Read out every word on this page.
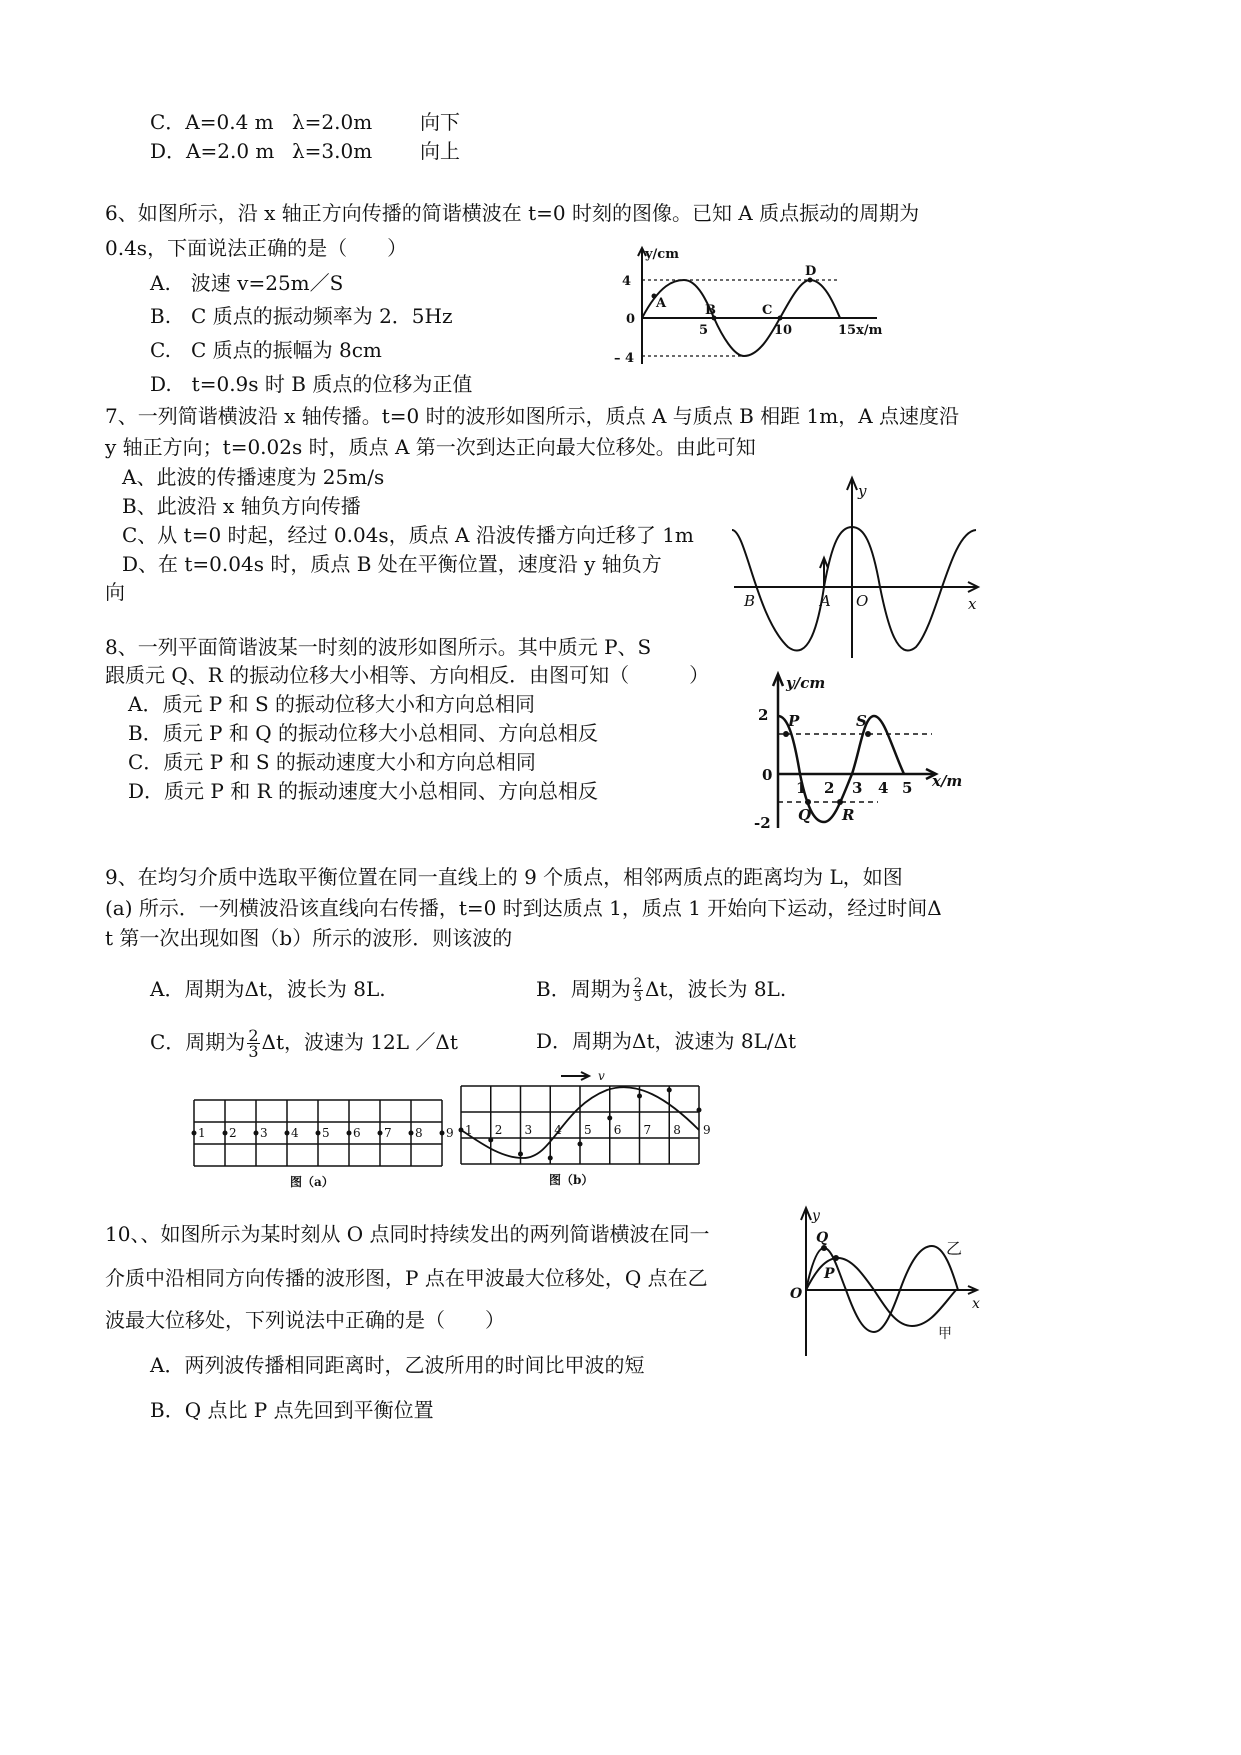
C．A=0.4 m λ=2.0m 向下
D．A=2.0 m λ=3.0m 向上
6、如图所示，沿 x 轴正方向传播的简谐横波在 t=0 时刻的图像。已知 A 质点振动的周期为
0.4s，下面说法正确的是（　　）
A.　波速 v=25m／S
B.　C 质点的振动频率为 2．5Hz
C.　C 质点的振幅为 8cm
D.　t=0.9s 时 B 质点的位移为正值
y/cm
4
0
– 4
5	10	15x/m
A	B	C
D
7、一列简谐横波沿 x 轴传播。t=0 时的波形如图所示，质点 A 与质点 B 相距 1m，A 点速度沿
y 轴正方向；t=0.02s 时，质点 A 第一次到达正向最大位移处。由此可知
A、此波的传播速度为 25m/s
B、此波沿 x 轴负方向传播
C、从 t=0 时起，经过 0.04s，质点 A 沿波传播方向迁移了 1m
D、在 t=0.04s 时，质点 B 处在平衡位置，速度沿 y 轴负方
向
y
x
B	A O
8、一列平面简谐波某一时刻的波形如图所示。其中质元 P、S
跟质元 Q、R 的振动位移大小相等、方向相反．由图可知（　　　）
A．质元 P 和 S 的振动位移大小和方向总相同
B．质元 P 和 Q 的振动位移大小总相同、方向总相反
C．质元 P 和 S 的振动速度大小和方向总相同
D．质元 P 和 R 的振动速度大小总相同、方向总相反
y/cm
x/m
2
0
-2
1 2 3 4 5
P	S
Q R
9、在均匀介质中选取平衡位置在同一直线上的 9 个质点，相邻两质点的距离均为 L，如图
(a) 所示．一列横波沿该直线向右传播，t=0 时到达质点 1，质点 1 开始向下运动，经过时间Δ
t 第一次出现如图（b）所示的波形．则该波的
A．周期为Δt，波长为 8L.	B．周期为 $\frac{2}{3}$ Δt，波长为 8L.
C．周期为 $\frac{2}{3}$ Δt，波速为 12L ／Δt	D．周期为Δt，波速为 8L/Δt
1 2 3 4 5 6 7 8 9
图（a）
1 2 3 4 5 6 7 8 9
v
图（b）
10、、如图所示为某时刻从 O 点同时持续发出的两列简谐横波在同一
介质中沿相同方向传播的波形图，P 点在甲波最大位移处，Q 点在乙
波最大位移处，下列说法中正确的是（　　）
A．两列波传播相同距离时，乙波所用的时间比甲波的短
B．Q 点比 P 点先回到平衡位置
y
x
O
Q
P
乙
甲
